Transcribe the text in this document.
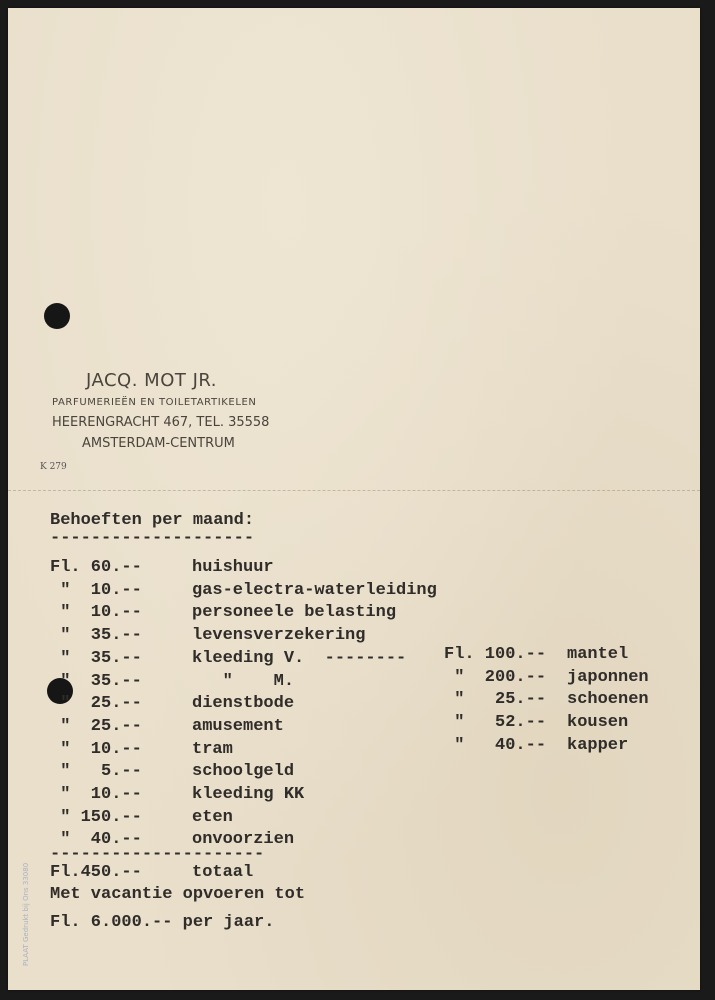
JACQ. MOT JR.
PARFUMERIEËN EN TOILETARTIKELEN
HEERENGRACHT 467, TEL. 35558
AMSTERDAM-CENTRUM
K 279
Behoeften per maand:
--------------------
Fl. 60.--	huishuur
"  10.--	gas-electra-waterleiding
"  10.--	personeele belasting
"  35.--	levensverzekering
"  35.--	kleeding V.  --------
"  35.--	"    M.
"  25.--	dienstbode
"  25.--	amusement
"  10.--	tram
"   5.--	schoolgeld
"  10.--	kleeding KK
" 150.--	eten
"  40.--	onvoorzien
Fl. 100.-- mantel
"  200.-- japonnen
"   25.-- schoenen
"   52.-- kousen
"   40.-- kapper
---------------------
Fl.450.--	totaal
Met vacantie opvoeren tot
Fl. 6.000.-- per jaar.
PLAAT Gedrukt bij Ons 33080
